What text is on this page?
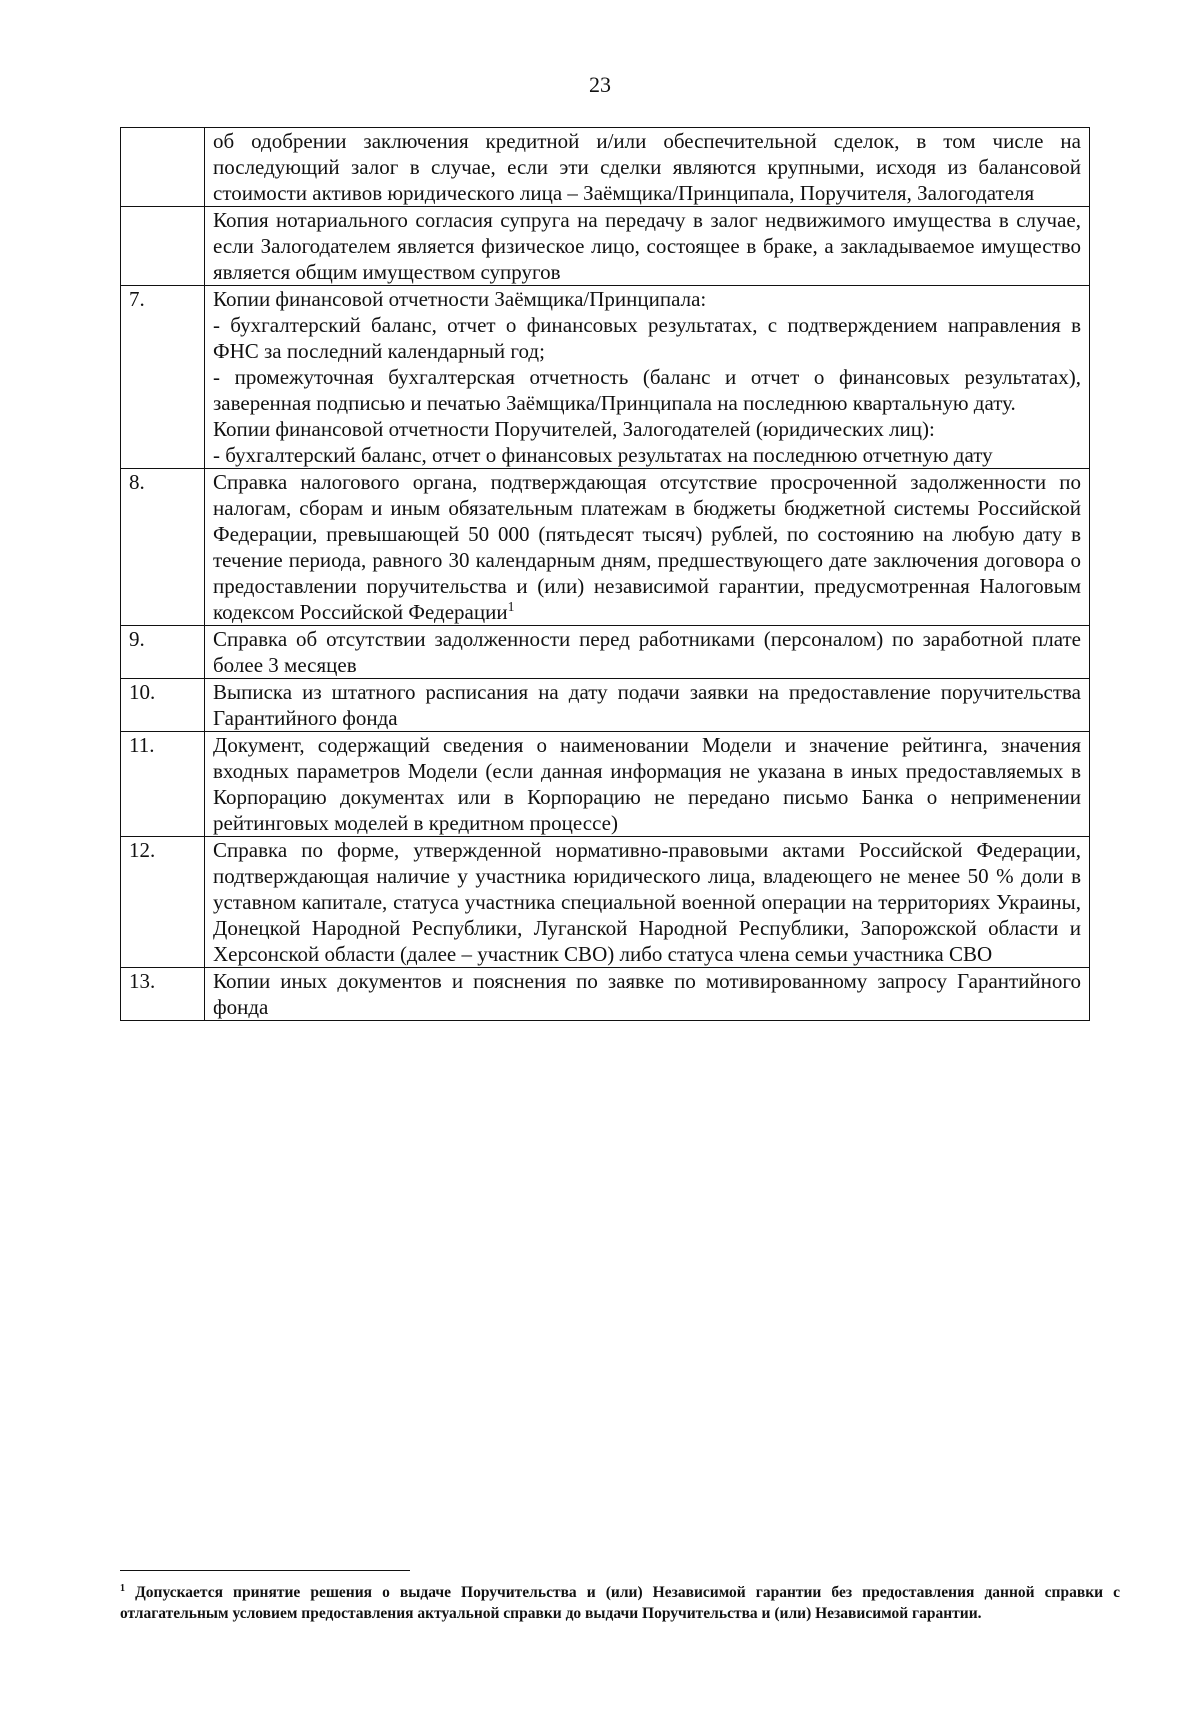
23

	об одобрении заключения кредитной и/или обеспечительной сделок, в том числе на последующий залог в случае, если эти сделки являются крупными, исходя из балансовой стоимости активов юридического лица – Заёмщика/Принципала, Поручителя, Залогодателя

	Копия нотариального согласия супруга на передачу в залог недвижимого имущества в случае, если Залогодателем является физическое лицо, состоящее в браке, а закладываемое имущество является общим имуществом супругов

7.	Копии финансовой отчетности Заёмщика/Принципала:
- бухгалтерский баланс, отчет о финансовых результатах, с подтверждением направления в ФНС за последний календарный год;
- промежуточная бухгалтерская отчетность (баланс и отчет о финансовых результатах), заверенная подписью и печатью Заёмщика/Принципала на последнюю квартальную дату.
Копии финансовой отчетности Поручителей, Залогодателей (юридических лиц):
- бухгалтерский баланс, отчет о финансовых результатах на последнюю отчетную дату

8.	Справка налогового органа, подтверждающая отсутствие просроченной задолженности по налогам, сборам и иным обязательным платежам в бюджеты бюджетной системы Российской Федерации, превышающей 50 000 (пятьдесят тысяч) рублей, по состоянию на любую дату в течение периода, равного 30 календарным дням, предшествующего дате заключения договора о предоставлении поручительства и (или) независимой гарантии, предусмотренная Налоговым кодексом Российской Федерации$^1$

9.	Справка об отсутствии задолженности перед работниками (персоналом) по заработной плате более 3 месяцев

10.	Выписка из штатного расписания на дату подачи заявки на предоставление поручительства Гарантийного фонда

11.	Документ, содержащий сведения о наименовании Модели и значение рейтинга, значения входных параметров Модели (если данная информация не указана в иных предоставляемых в Корпорацию документах или в Корпорацию не передано письмо Банка о неприменении рейтинговых моделей в кредитном процессе)

12.	Справка по форме, утвержденной нормативно-правовыми актами Российской Федерации, подтверждающая наличие у участника юридического лица, владеющего не менее 50 % доли в уставном капитале, статуса участника специальной военной операции на территориях Украины, Донецкой Народной Республики, Луганской Народной Республики, Запорожской области и Херсонской области (далее – участник СВО) либо статуса члена семьи участника СВО

13.	Копии иных документов и пояснения по заявке по мотивированному запросу Гарантийного фонда
$^1$ Допускается принятие решения о выдаче Поручительства и (или) Независимой гарантии без предоставления данной справки с отлагательным условием предоставления актуальной справки до выдачи Поручительства и (или) Независимой гарантии.
